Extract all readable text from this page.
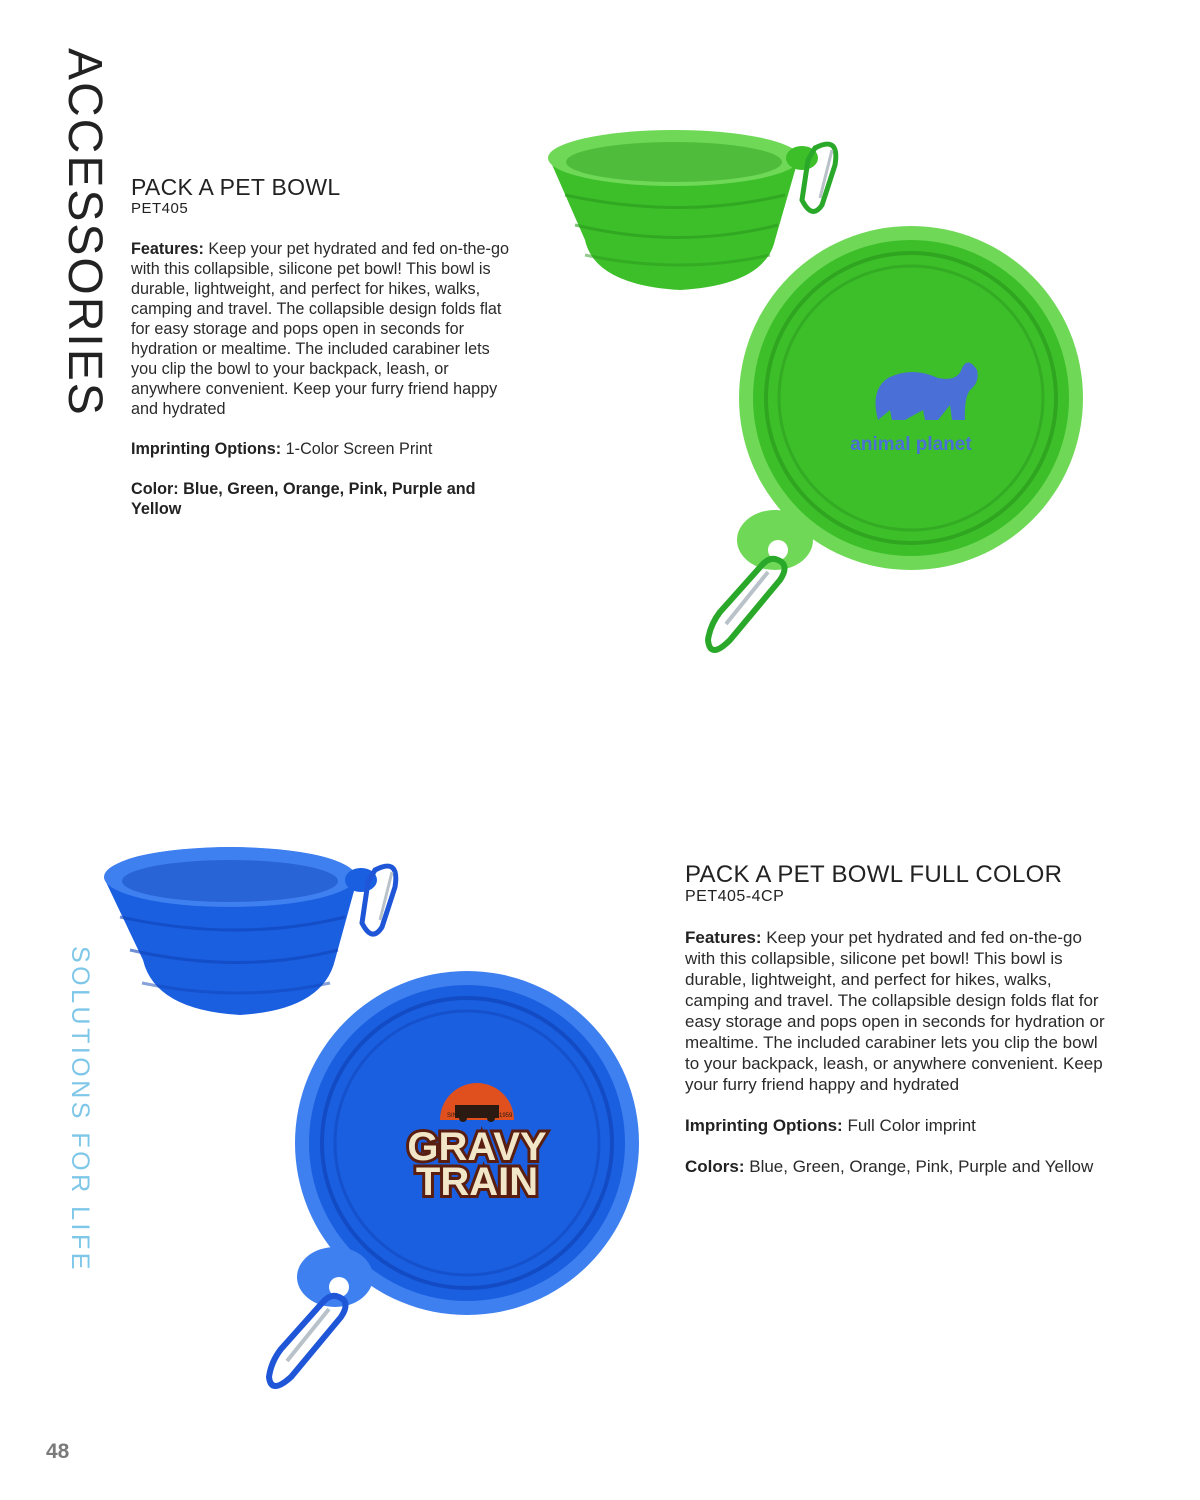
ACCESSORIES
SOLUTIONS FOR LIFE
PACK A PET BOWL
PET405

Features: Keep your pet hydrated and fed on-the-go with this collapsible, silicone pet bowl! This bowl is durable, lightweight, and perfect for hikes, walks, camping and travel. The collapsible design folds flat for easy storage and pops open in seconds for hydration or mealtime. The included carabiner lets you clip the bowl to your backpack, leash, or anywhere convenient. Keep your furry friend happy and hydrated

Imprinting Options: 1-Color Screen Print

Color: Blue, Green, Orange, Pink, Purple and Yellow

animal planet
SINCE	1959
GRAVY
TRAIN
PACK A PET BOWL FULL COLOR
PET405-4CP

Features: Keep your pet hydrated and fed on-the-go with this collapsible, silicone pet bowl! This bowl is durable, lightweight, and perfect for hikes, walks, camping and travel. The collapsible design folds flat for easy storage and pops open in seconds for hydration or mealtime. The included carabiner lets you clip the bowl to your backpack, leash, or anywhere convenient. Keep your furry friend happy and hydrated

Imprinting Options: Full Color imprint

Colors: Blue, Green, Orange, Pink, Purple and Yellow

48
